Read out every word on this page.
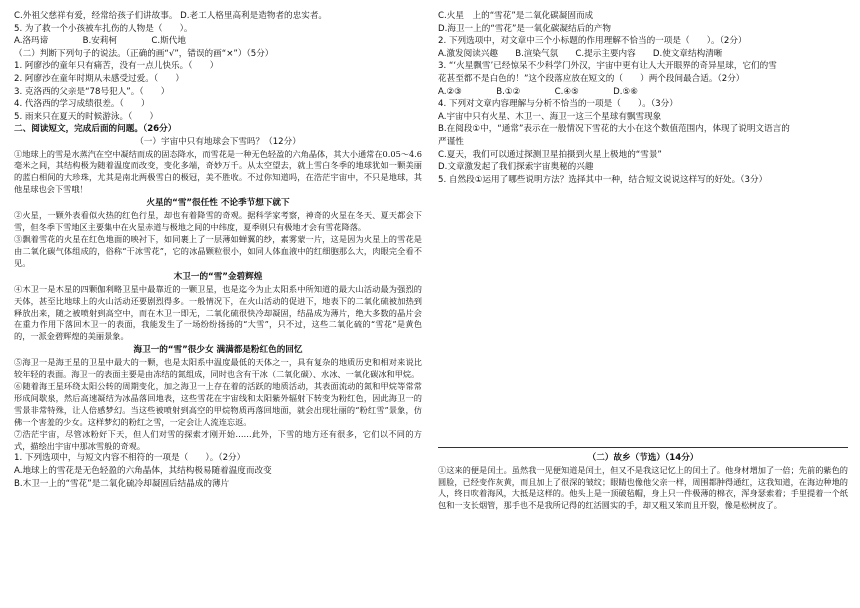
C.外祖父慈祥有爱，经常给孩子们讲故事。 D.老工人格里高利是造物者的忠实者。
5. 为了救一个小孩被车扎伤的人物是（　　）。
A.洛玛谛　　　　B.安莉柯　　　　C.斯代地
（二）判断下列句子的说法。（正确的画“√”，错误的画“×”）（5分）
1. 阿廖沙的童年只有痛苦，没有一点儿快乐。（　　）
2. 阿廖沙在童年时期从未感受过爱。（　　）
3. 克洛西的父亲是“78号犯人”。（　　）
4. 代洛西的学习成绩很差。（　　）
5. 雨来只在夏天的时候游泳。（　　）
二、阅读短文，完成后面的问题。（26分）
（一）宇宙中只有地球会下雪吗？（12分）
①地球上的雪是水蒸汽在空中凝结而成的固态降水，而雪花是一种无色轻盈的六角晶体，其大小通常在0.05～4.6毫米之间，其结构极为随着温度而改变，变化多端，奇妙万千。从太空望去，就上雪白冬季的地球犹如一颗美丽的蓝白相间的大珍珠，尤其是南北两极雪白的极冠，美不胜收。不过你知道吗，在浩茫宇宙中，不只是地球，其他星球也会下雪哦！
火星的“雪”很任性 不论季节想下就下
②火星，一颗外表看似火热的红色行星，却也有着降雪的奇观。据科学家考察，神奇的火星在冬天、夏天都会下雪，但冬季下雪地区主要集中在火星赤道与极地之间的中纬度，夏季则只有极地才会有雪花降落。
③飘着雪花的火星在红色地面的映衬下，如同裹上了一层薄如蝉翼的纱，素雾蒙一片，这是因为火星上的雪花是由二氧化碳气体组成的，俗称“干冰雪花”，它的冰晶颗粒很小，如同人体血液中的红细胞那么大，肉眼完全看不见。
木卫一的“雪”金碧辉煌
④木卫一是木星的四颗伽利略卫星中最靠近的一颗卫星，也是迄今为止太阳系中所知道的最大山活动最为强烈的天体，甚至比地球上的火山活动还要剧烈得多。一般情况下，在火山活动的促进下，地表下的二氧化硫被加热到释放出来，随之被喷射到高空中，而在木卫一即无，二氧化硫很快冷却凝固，结晶成为薄片，绝大多数的晶片会在重力作用下落回木卫一的表面，我能发生了一场纷纷扬扬的“大雪”，只不过，这些二氧化硫的“雪花”是黄色的，一派金碧辉煌的美丽景象。
海卫一的“雪”很少女 满满都是粉红色的回忆
⑤海卫一是海王星的卫星中最大的一颗，也是太阳系中温度最低的天体之一，具有复杂的地质历史和相对来说比较年轻的表面。海卫一的表面主要是由冻结的氮组成，同时也含有干冰（二氧化碳）、水冰、一氧化碳冰和甲烷。
⑥随着海王星环绕太阳公转的周期变化，加之海卫一上存在着的活跃的地质活动，其表面流动的氮和甲烷等常常形成间歇泉，然后高速凝结为冰晶落回地表，这些雪花在宇宙线和太阳紫外辐射下转变为粉红色，因此海卫一的雪景非常特殊，让人倍感梦幻。当这些被喷射到高空的甲烷物质再落回地面，就会出现壮丽的“粉红雪”景象，仿佛一个害羞的少女。这样梦幻的粉红之雪，一定会让人流连忘返。
⑦浩茫宇宙，尽管冰粉好下天，但人们对雪的探索才刚开始……此外，下雪的地方还有很多，它们以不同的方式，描绘出宇宙中那冰雪般的奇观。
1. 下列选项中，与短文内容不相符的一项是（　　）。（2分）
A.地球上的雪花是无色轻盈的六角晶体，其结构极易随着温度而改变
B.木卫一上的“雪花”是二氧化硫冷却凝固后结晶成的薄片
C.火星　上的“雪花”是二氧化碳凝固而成
D.海卫一上的“雪花”是一氧化碳凝结后的产物
2. 下列选项中，对文章中三个小标题的作用理解不恰当的一项是（　　）。（2分）
A.激发阅读兴趣　　B.渲染气氛　　C.提示主要内容　　D.使文章结构清晰
3. “‘火星飘雪’已经惊呆不少科学门外汉，宇宙中更有让人大开眼界的奇异星球，它们的雪
花甚至都不是白色的！”这个段落应放在短文的（　　）两个段间最合适。（2分）
A.②③　　　　B.①②　　　　C.④⑤　　　　D.⑤⑥
4. 下列对文章内容理解与分析不恰当的一项是（　　）。（3分）
A.宇宙中只有火星、木卫一、海卫一这三个星球有飘雪现象
B.在阅段①中，“通常”表示在一般情况下雪花的大小在这个数值范围内，体现了说明文语言的
严谨性
C.夏天，我们可以通过探测卫星拍摄到火星上极地的“雪景”
D.文章激发起了我们探索宇宙奥秘的兴趣
5. 自然段①运用了哪些说明方法？选择其中一种，结合短文说说这样写的好处。（3分）
（二）故乡（节选）（14分）
①这来的便是闰土。虽然我一见便知道是闰土，但又不是我这记忆上的闰土了。他身材增加了一倍；先前的紫色的圆脸，已经变作灰黄，而且加上了很深的皱纹；眼睛也像他父亲一样，周围都肿得通红，这我知道，在海边种地的人，终日吹着海风，大抵是这样的。他头上是一顶破毡帽，身上只一件极薄的棉衣，浑身瑟索着；手里提着一个纸包和一支长烟管，那手也不是我所记得的红活圆实的手，却又粗又笨而且开裂，像是松树皮了。
